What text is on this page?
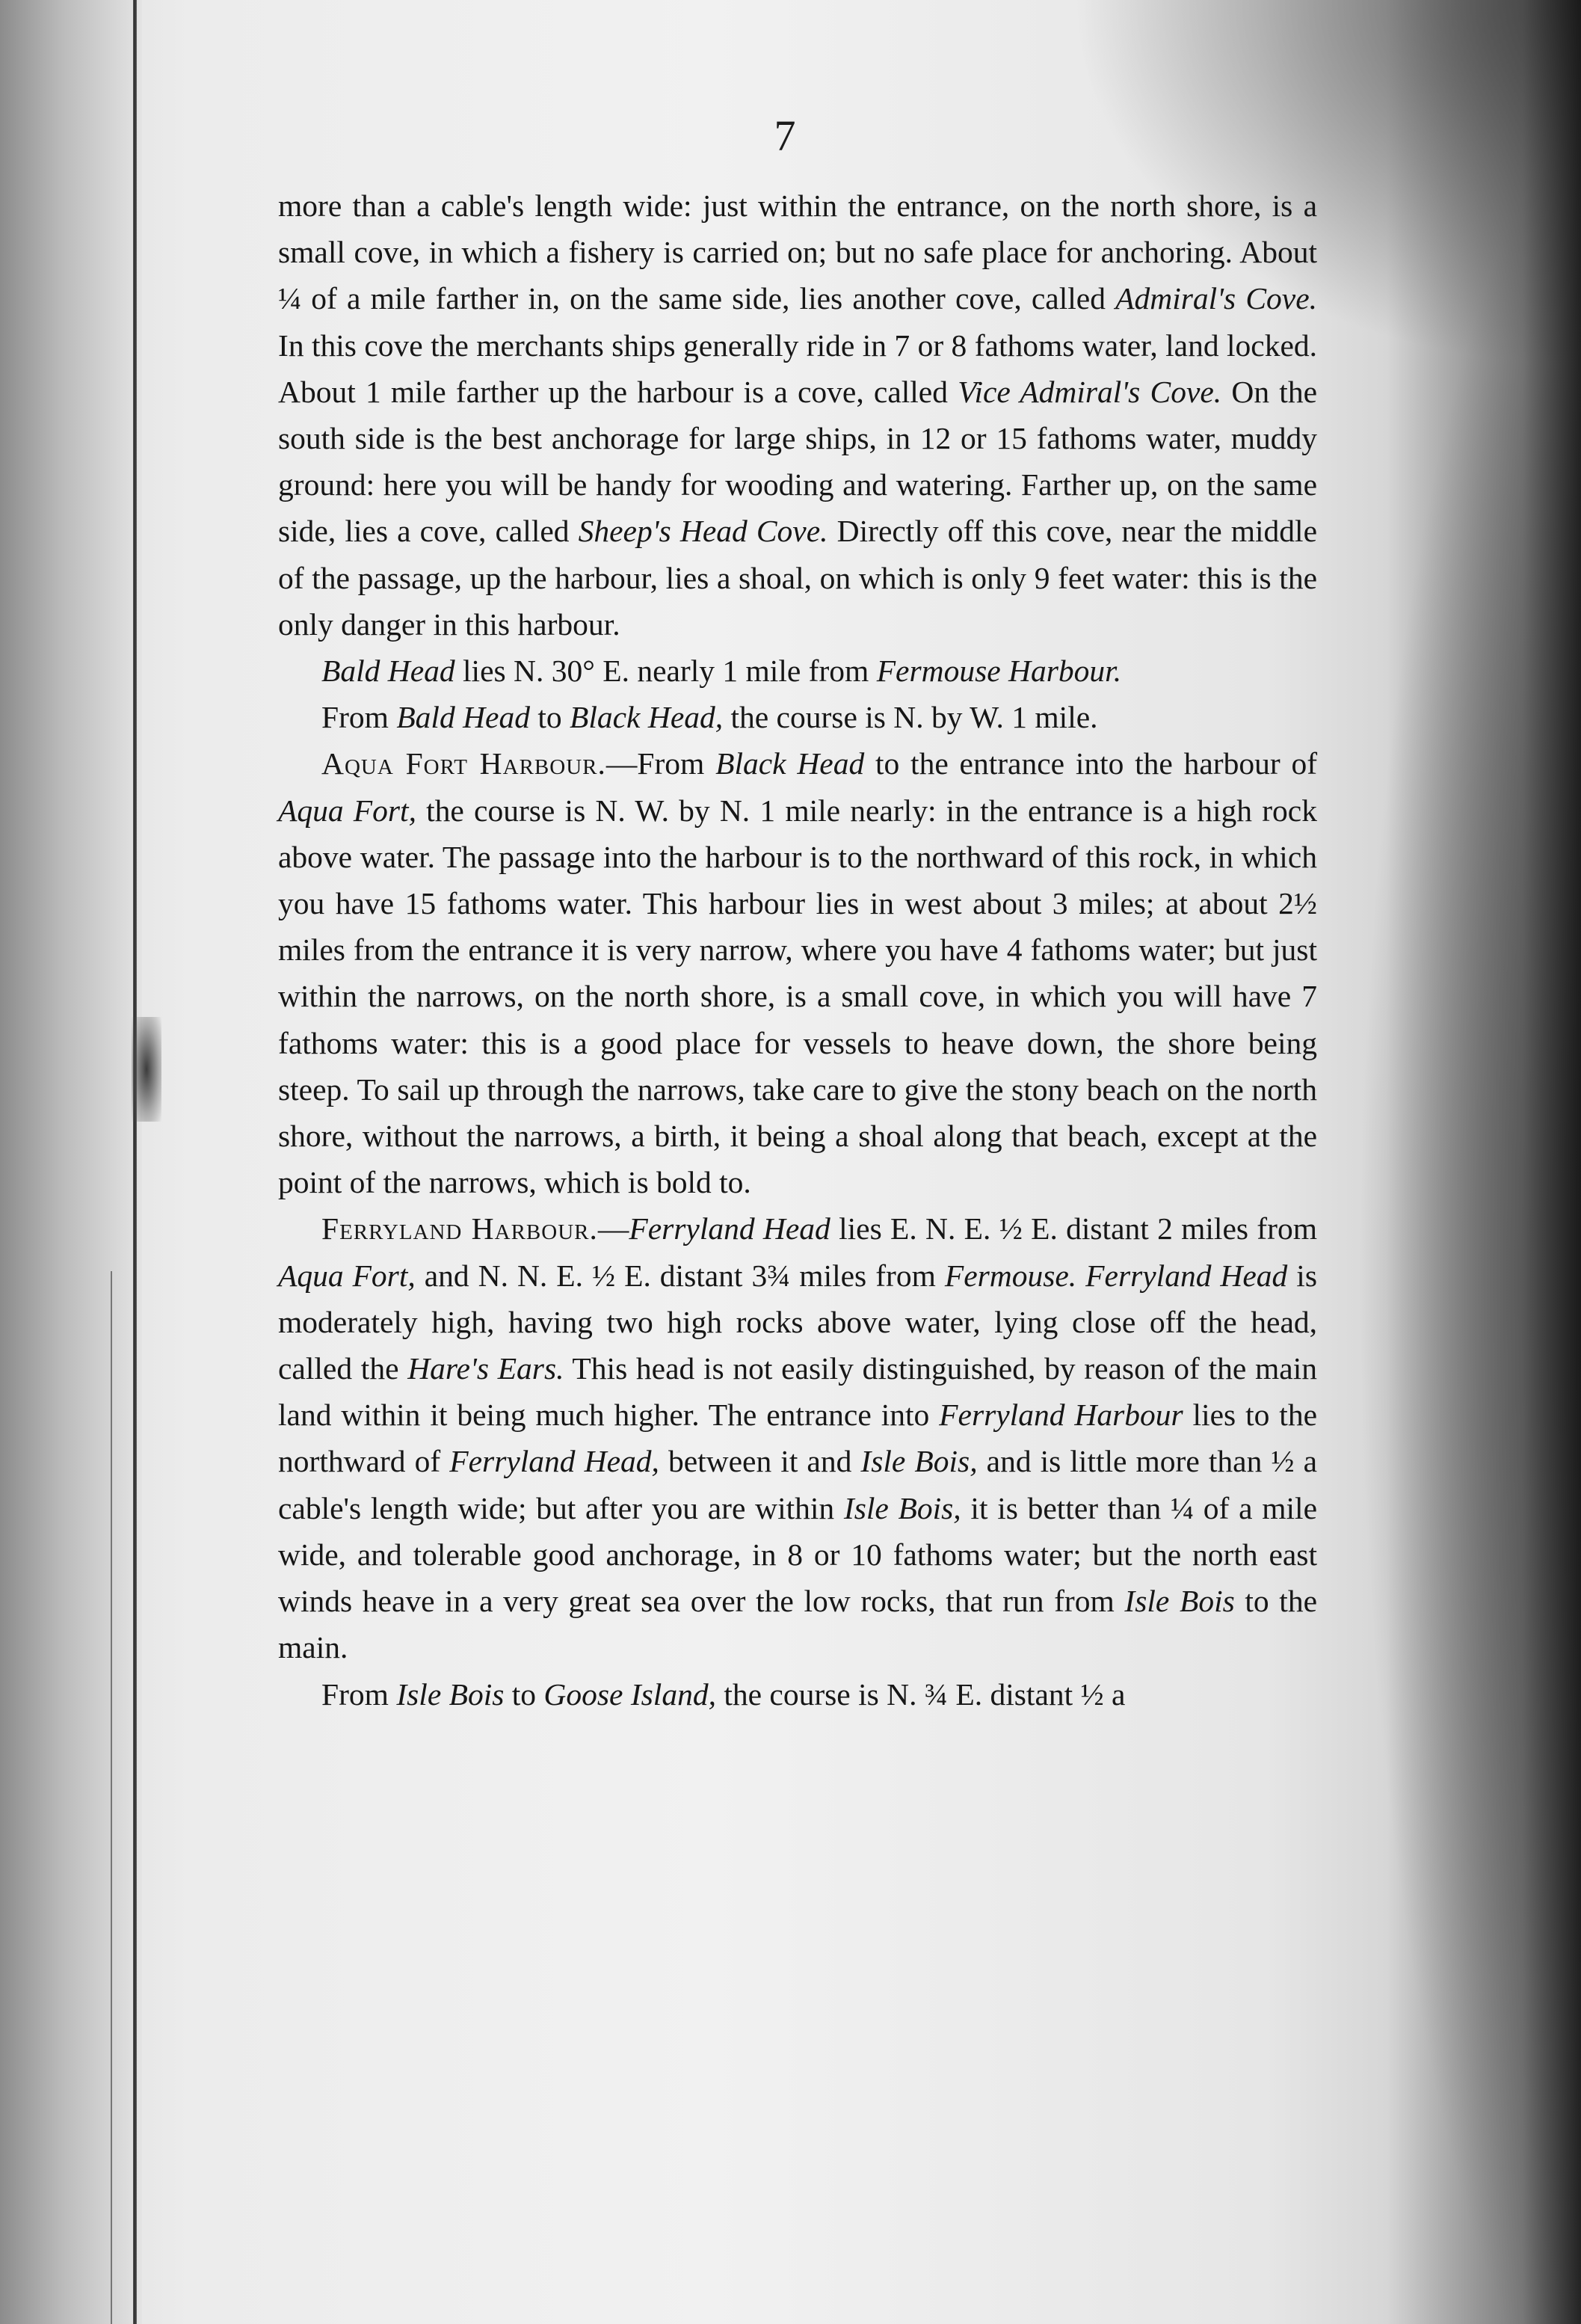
7

more than a cable's length wide: just within the entrance, on the north shore, is a small cove, in which a fishery is carried on; but no safe place for anchoring. About ¼ of a mile farther in, on the same side, lies another cove, called Admiral's Cove. In this cove the merchants ships generally ride in 7 or 8 fathoms water, land locked. About 1 mile farther up the harbour is a cove, called Vice Admiral's Cove. On the south side is the best anchorage for large ships, in 12 or 15 fathoms water, muddy ground: here you will be handy for wooding and watering. Farther up, on the same side, lies a cove, called Sheep's Head Cove. Directly off this cove, near the middle of the passage, up the harbour, lies a shoal, on which is only 9 feet water: this is the only danger in this harbour.

Bald Head lies N. 30° E. nearly 1 mile from Fermouse Harbour.

From Bald Head to Black Head, the course is N. by W. 1 mile.

Aqua Fort Harbour.—From Black Head to the entrance into the harbour of Aqua Fort, the course is N. W. by N. 1 mile nearly: in the entrance is a high rock above water. The passage into the harbour is to the northward of this rock, in which you have 15 fathoms water. This harbour lies in west about 3 miles; at about 2½ miles from the entrance it is very narrow, where you have 4 fathoms water; but just within the narrows, on the north shore, is a small cove, in which you will have 7 fathoms water: this is a good place for vessels to heave down, the shore being steep. To sail up through the narrows, take care to give the stony beach on the north shore, without the narrows, a birth, it being a shoal along that beach, except at the point of the narrows, which is bold to.

Ferryland Harbour.—Ferryland Head lies E. N. E. ½ E. distant 2 miles from Aqua Fort, and N. N. E. ½ E. distant 3¾ miles from Fermouse. Ferryland Head is moderately high, having two high rocks above water, lying close off the head, called the Hare's Ears. This head is not easily distinguished, by reason of the main land within it being much higher. The entrance into Ferryland Harbour lies to the northward of Ferryland Head, between it and Isle Bois, and is little more than ½ a cable's length wide; but after you are within Isle Bois, it is better than ¼ of a mile wide, and tolerable good anchorage, in 8 or 10 fathoms water; but the north east winds heave in a very great sea over the low rocks, that run from Isle Bois to the main.

From Isle Bois to Goose Island, the course is N. ¾ E. distant ½ a
